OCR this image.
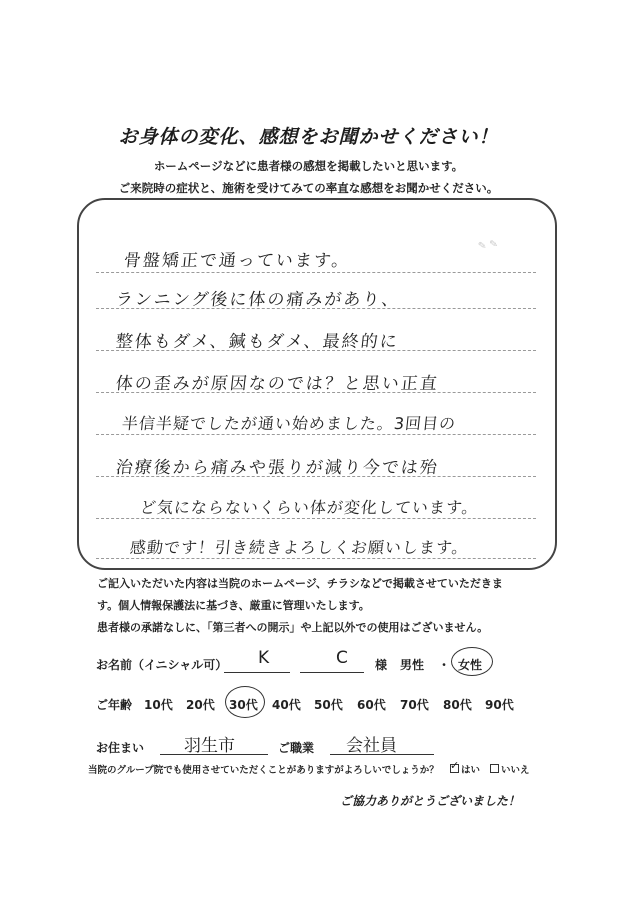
お身体の変化、感想をお聞かせください！
ホームページなどに患者様の感想を掲載したいと思います。
ご来院時の症状と、施術を受けてみての率直な感想をお聞かせください。
✎ ✎
骨盤矯正で通っています。
ランニング後に体の痛みがあり、
整体もダメ、鍼もダメ、最終的に
体の歪みが原因なのでは？と思い正直
半信半疑でしたが通い始めました。3回目の
治療後から痛みや張りが減り今では殆
ど気にならないくらい体が変化しています。
感動です！引き続きよろしくお願いします。
ご記入いただいた内容は当院のホームページ、チラシなどで掲載させていただきま
す。個人情報保護法に基づき、厳重に管理いたします。
患者様の承諾なしに、「第三者への開示」や上記以外での使用はございません。
お名前（イニシャル可） K	C 様 男性 ・ 女性
ご年齢 10代 20代 30代 40代 50代 60代 70代 80代 90代
お住まい 羽生市	ご職業 会社員
当院のグループ院でも使用させていただくことがありますがよろしいでしょうか？ ✓ はい いいえ
ご協力ありがとうございました！
